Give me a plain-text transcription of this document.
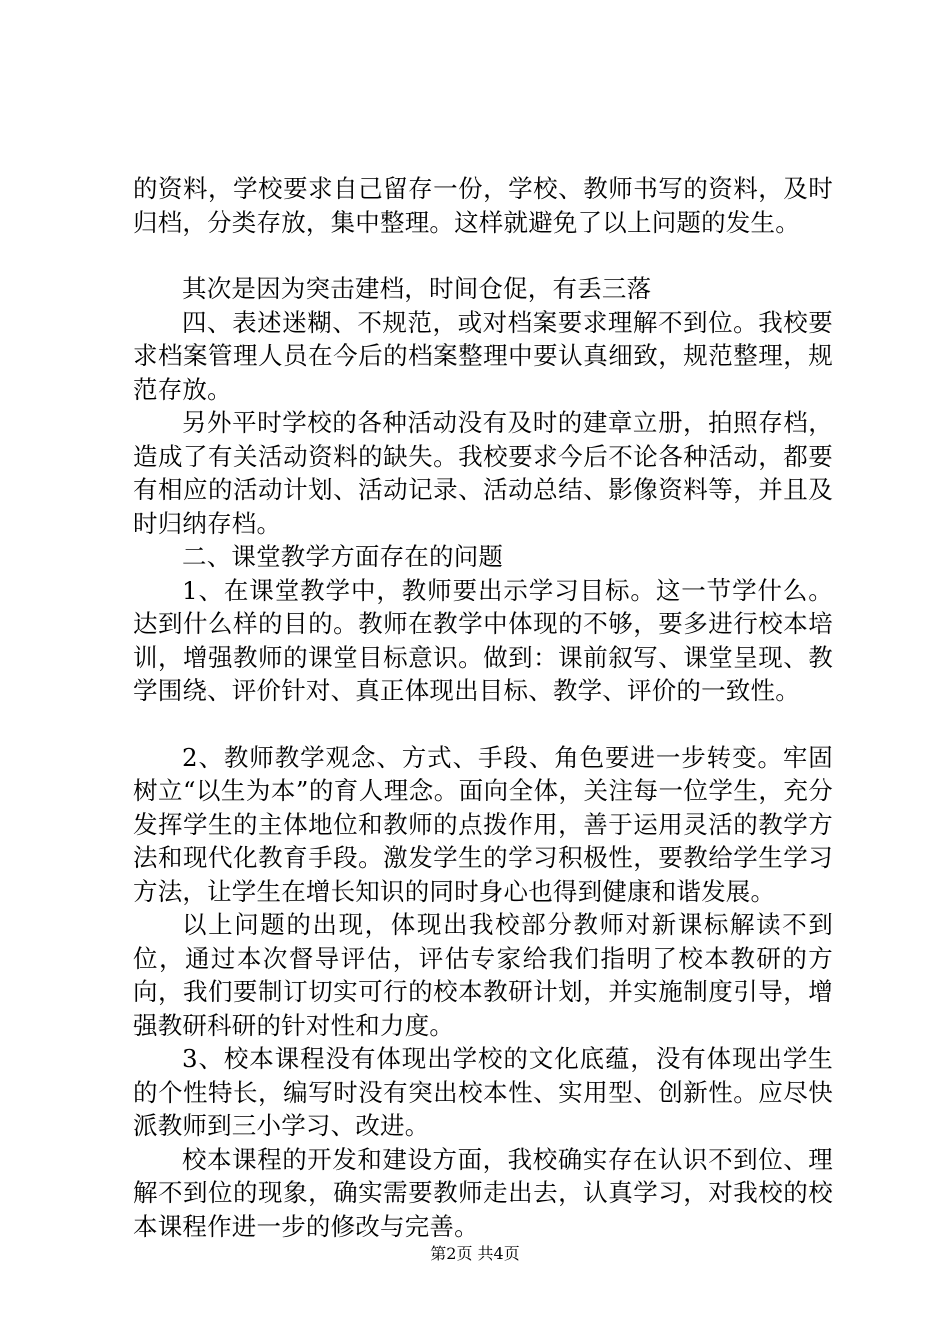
的资料，学校要求自己留存一份，学校、教师书写的资料，及时归档，分类存放，集中整理。这样就避免了以上问题的发生。

其次是因为突击建档，时间仓促，有丢三落

四、表述迷糊、不规范，或对档案要求理解不到位。我校要求档案管理人员在今后的档案整理中要认真细致，规范整理，规范存放。

另外平时学校的各种活动没有及时的建章立册，拍照存档，造成了有关活动资料的缺失。我校要求今后不论各种活动，都要有相应的活动计划、活动记录、活动总结、影像资料等，并且及时归纳存档。

二、课堂教学方面存在的问题

1、在课堂教学中，教师要出示学习目标。这一节学什么。达到什么样的目的。教师在教学中体现的不够，要多进行校本培训，增强教师的课堂目标意识。做到：课前叙写、课堂呈现、教学围绕、评价针对、真正体现出目标、教学、评价的一致性。

2、教师教学观念、方式、手段、角色要进一步转变。牢固树立“以生为本”的育人理念。面向全体，关注每一位学生，充分发挥学生的主体地位和教师的点拨作用，善于运用灵活的教学方法和现代化教育手段。激发学生的学习积极性，要教给学生学习方法，让学生在增长知识的同时身心也得到健康和谐发展。

以上问题的出现，体现出我校部分教师对新课标解读不到位，通过本次督导评估，评估专家给我们指明了校本教研的方向，我们要制订切实可行的校本教研计划，并实施制度引导，增强教研科研的针对性和力度。

3、校本课程没有体现出学校的文化底蕴，没有体现出学生的个性特长，编写时没有突出校本性、实用型、创新性。应尽快派教师到三小学习、改进。

校本课程的开发和建设方面，我校确实存在认识不到位、理解不到位的现象，确实需要教师走出去，认真学习，对我校的校本课程作进一步的修改与完善。

第2页 共4页
